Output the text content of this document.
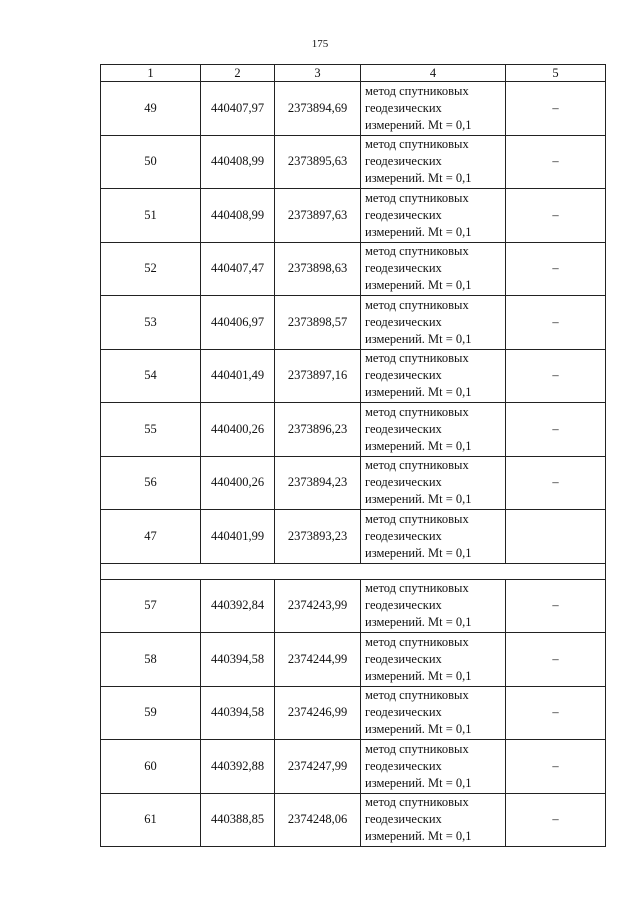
175
1	2	3	4	5
49	440407,97	2373894,69	метод спутниковых
геодезических
измерений. Mt = 0,1	–
50	440408,99	2373895,63	метод спутниковых
геодезических
измерений. Mt = 0,1	–
51	440408,99	2373897,63	метод спутниковых
геодезических
измерений. Mt = 0,1	–
52	440407,47	2373898,63	метод спутниковых
геодезических
измерений. Mt = 0,1	–
53	440406,97	2373898,57	метод спутниковых
геодезических
измерений. Mt = 0,1	–
54	440401,49	2373897,16	метод спутниковых
геодезических
измерений. Mt = 0,1	–
55	440400,26	2373896,23	метод спутниковых
геодезических
измерений. Mt = 0,1	–
56	440400,26	2373894,23	метод спутниковых
геодезических
измерений. Mt = 0,1	–
47	440401,99	2373893,23	метод спутниковых
геодезических
измерений. Mt = 0,1	

57	440392,84	2374243,99	метод спутниковых
геодезических
измерений. Mt = 0,1	–
58	440394,58	2374244,99	метод спутниковых
геодезических
измерений. Mt = 0,1	–
59	440394,58	2374246,99	метод спутниковых
геодезических
измерений. Mt = 0,1	–
60	440392,88	2374247,99	метод спутниковых
геодезических
измерений. Mt = 0,1	–
61	440388,85	2374248,06	метод спутниковых
геодезических
измерений. Mt = 0,1	–
